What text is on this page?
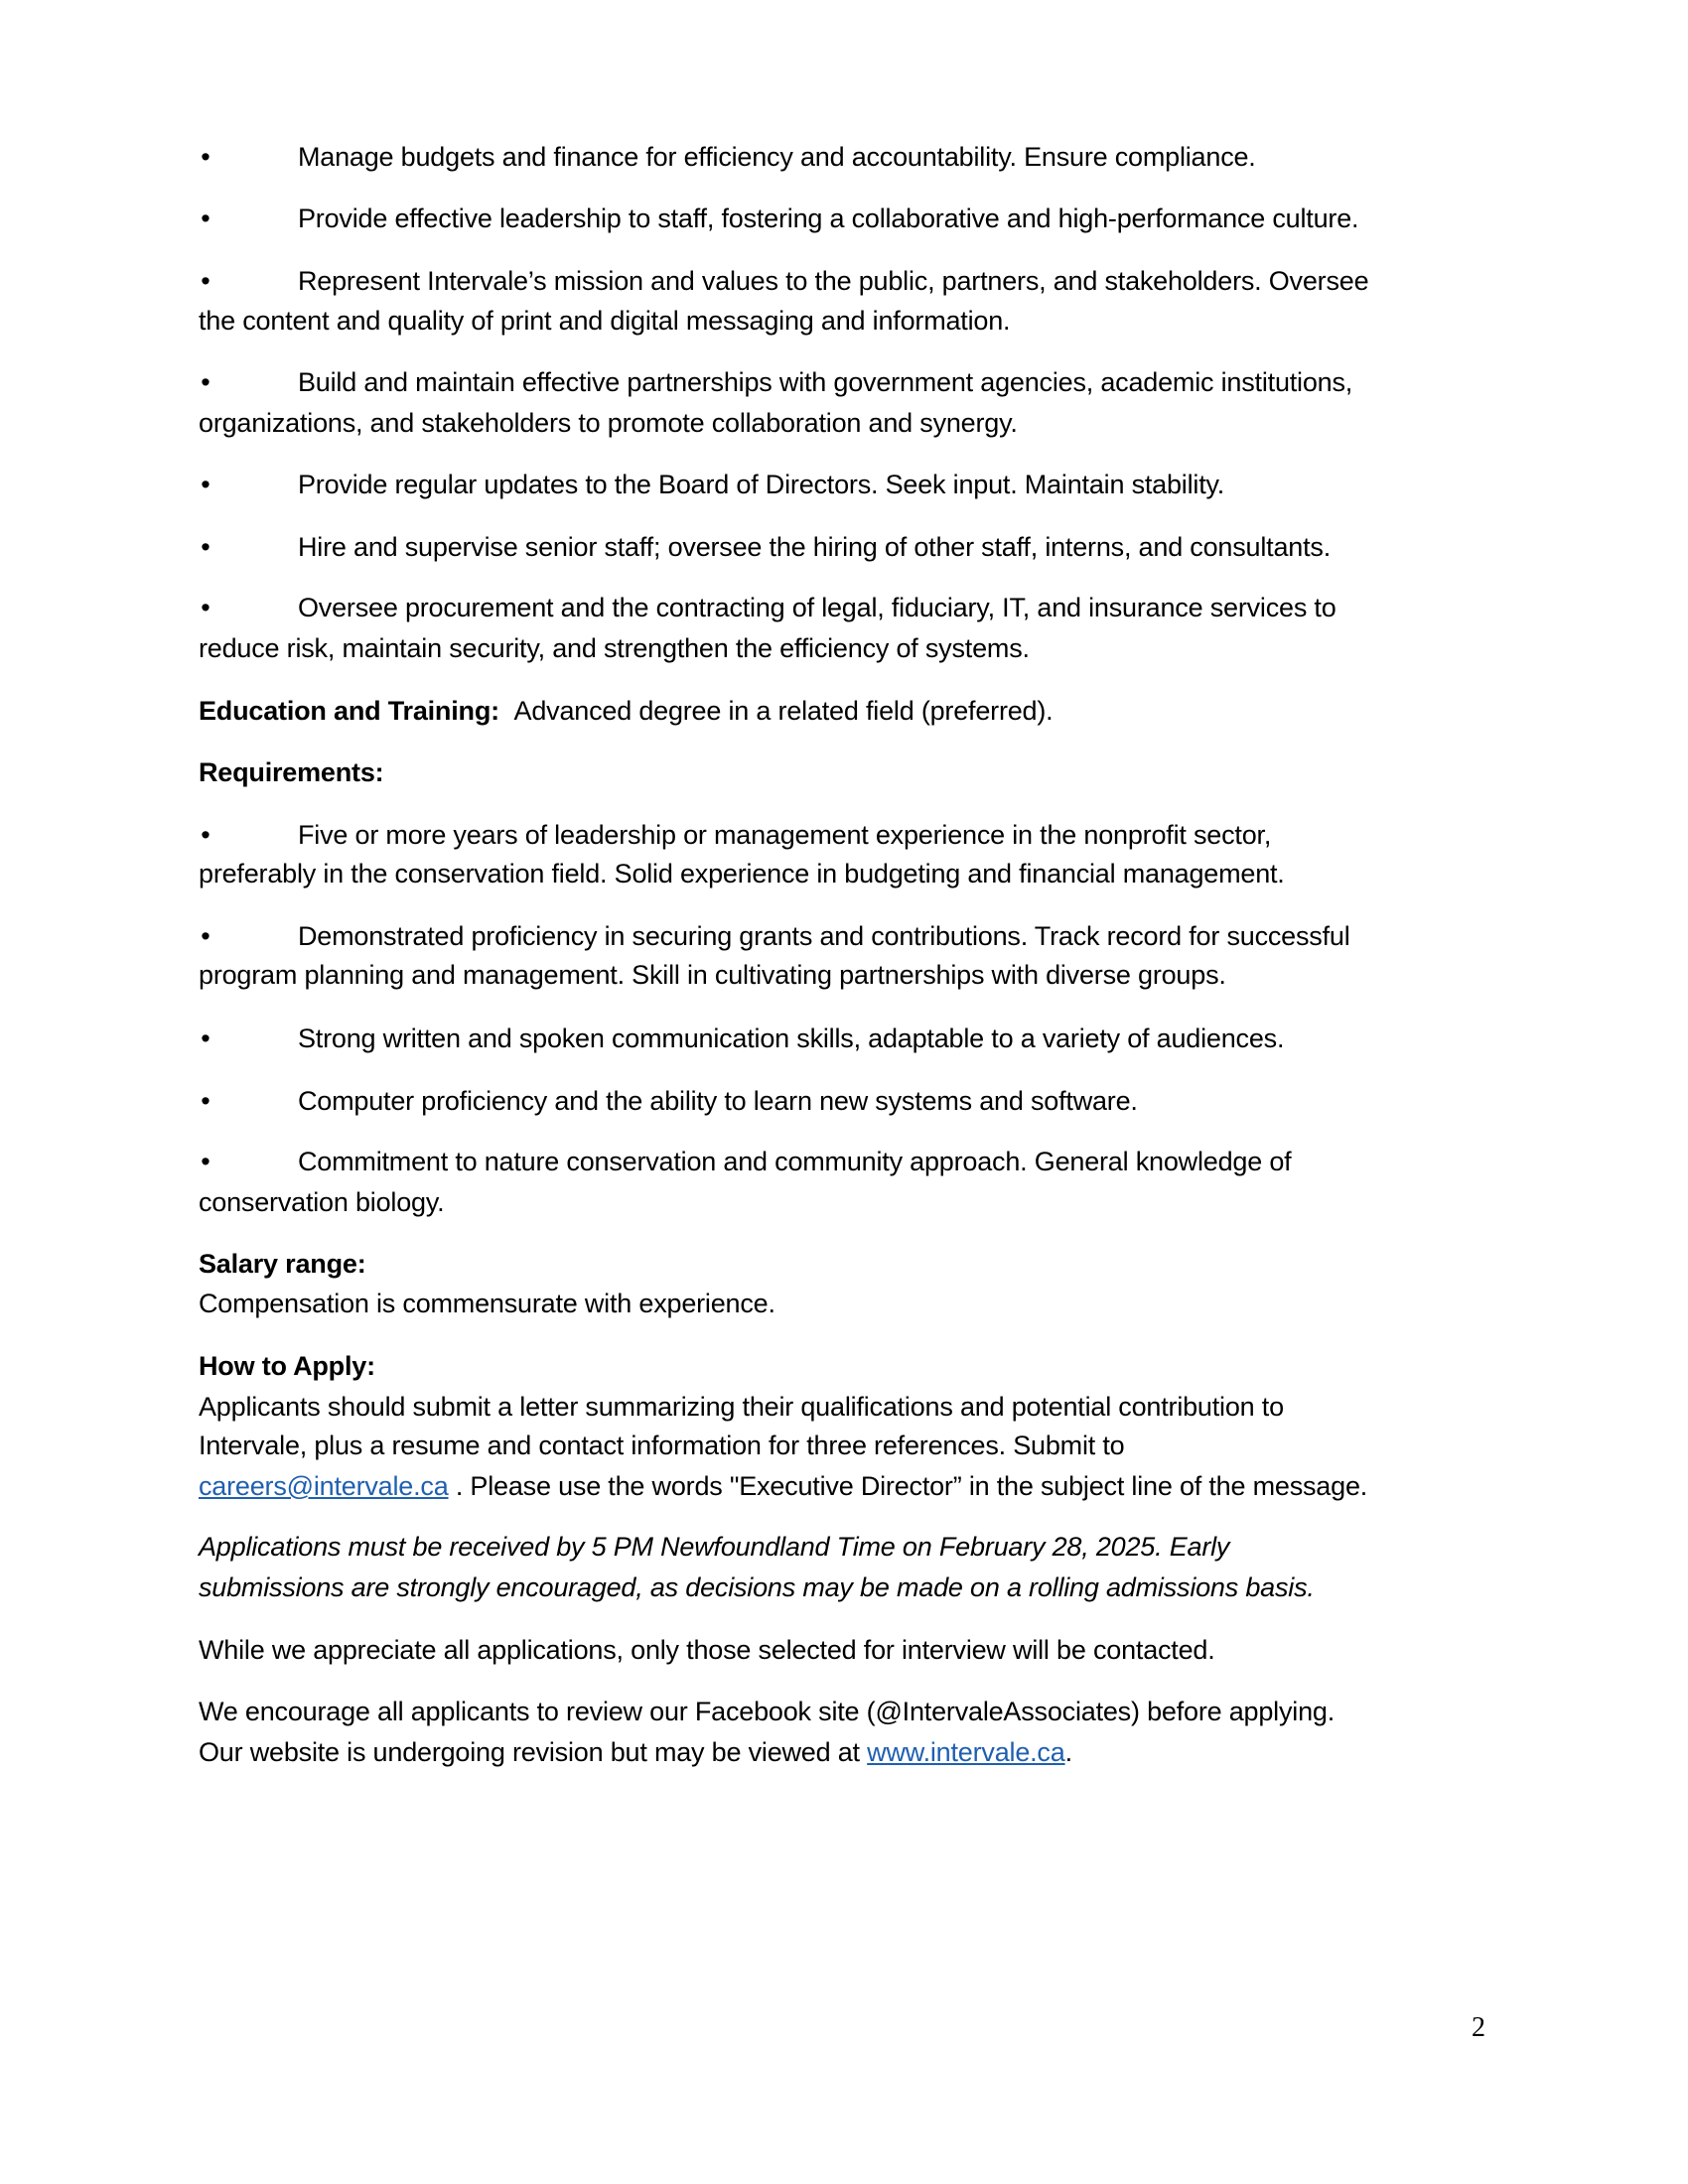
•	Manage budgets and finance for efficiency and accountability. Ensure compliance.
•	Provide effective leadership to staff, fostering a collaborative and high-performance culture.
•	Represent Intervale’s mission and values to the public, partners, and stakeholders. Oversee
the content and quality of print and digital messaging and information.
•	Build and maintain effective partnerships with government agencies, academic institutions,
organizations, and stakeholders to promote collaboration and synergy.
•	Provide regular updates to the Board of Directors. Seek input. Maintain stability.
•	Hire and supervise senior staff; oversee the hiring of other staff, interns, and consultants.
•	Oversee procurement and the contracting of legal, fiduciary, IT, and insurance services to
reduce risk, maintain security, and strengthen the efficiency of systems.
Education and Training: Advanced degree in a related field (preferred).
Requirements:
•	Five or more years of leadership or management experience in the nonprofit sector,
preferably in the conservation field. Solid experience in budgeting and financial management.
•	Demonstrated proficiency in securing grants and contributions. Track record for successful
program planning and management. Skill in cultivating partnerships with diverse groups.
•	Strong written and spoken communication skills, adaptable to a variety of audiences.
•	Computer proficiency and the ability to learn new systems and software.
•	Commitment to nature conservation and community approach. General knowledge of
conservation biology.
Salary range:
Compensation is commensurate with experience.
How to Apply:
Applicants should submit a letter summarizing their qualifications and potential contribution to
Intervale, plus a resume and contact information for three references. Submit to
careers@intervale.ca . Please use the words "Executive Director” in the subject line of the message.
Applications must be received by 5 PM Newfoundland Time on February 28, 2025. Early
submissions are strongly encouraged, as decisions may be made on a rolling admissions basis.
While we appreciate all applications, only those selected for interview will be contacted.
We encourage all applicants to review our Facebook site (@IntervaleAssociates) before applying.
Our website is undergoing revision but may be viewed at www.intervale.ca.
2
